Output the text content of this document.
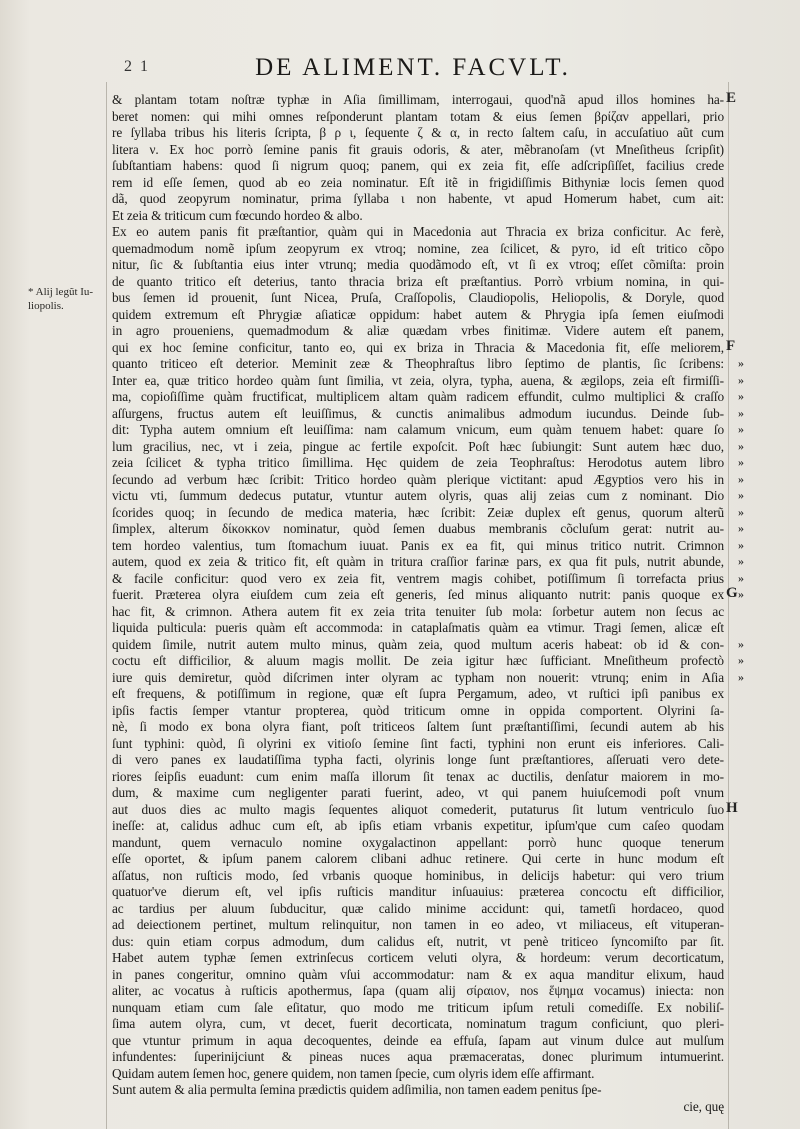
2 1	DE ALIMENT. FACVLT.
* Alij legũt Iu-
liopolis.
& plantam totam noſtræ typhæ in Aſia ſimillimam, interrogaui, quod'nã apud illos homines ha-
beret nomen: qui mihi omnes reſponderunt plantam totam & eius ſemen βρίζαν appellari, prio
re ſyllaba tribus his literis ſcripta, β ρ ι, ſequente ζ & α, in recto ſaltem caſu, in accuſatiuo aũt cum
litera ν. Ex hoc porrò ſemine panis fit grauis odoris, & ater, mẽbranoſam (vt Mneſitheus ſcripſit)
ſubſtantiam habens: quod ſi nigrum quoq; panem, qui ex zeia fit, eſſe adſcripſiſſet, facilius crede
rem id eſſe ſemen, quod ab eo zeia nominatur. Eſt itẽ in frigidiſſimis Bithyniæ locis ſemen quod
dã, quod zeopyrum nominatur, prima ſyllaba ι non habente, vt apud Homerum habet, cum ait:
Et zeia & triticum cum fœcundo hordeo & albo.
Ex eo autem panis fit præſtantior, quàm qui in Macedonia aut Thracia ex briza conficitur. Ac ferè,
quemadmodum nomẽ ipſum zeopyrum ex vtroq; nomine, zea ſcilicet, & pyro, id eſt tritico cõpo
nitur, ſic & ſubſtantia eius inter vtrunq; media quodãmodo eſt, vt ſi ex vtroq; eſſet cõmiſta: proin
de quanto tritico eſt deterius, tanto thracia briza eſt præſtantius. Porrò vrbium nomina, in qui-
bus ſemen id prouenit, ſunt Nicea, Pruſa, Craſſopolis, Claudiopolis, Heliopolis, & Doryle, quod
quidem extremum eſt Phrygiæ aſiaticæ oppidum: habet autem & Phrygia ipſa ſemen eiuſmodi
in agro proueniens, quemadmodum & aliæ quædam vrbes finitimæ. Videre autem eſt panem,
qui ex hoc ſemine conficitur, tanto eo, qui ex briza in Thracia & Macedonia fit, eſſe meliorem,
quanto triticeo eſt deterior. Meminit zeæ & Theophraſtus libro ſeptimo de plantis, ſic ſcribens:
Inter ea, quæ tritico hordeo quàm ſunt ſimilia, vt zeia, olyra, typha, auena, & ægilops, zeia eſt firmiſſi-
ma, copioſiſſime quàm fructificat, multiplicem altam quàm radicem effundit, culmo multiplici & craſſo
aſſurgens, fructus autem eſt leuiſſimus, & cunctis animalibus admodum iucundus. Deinde ſub-
dit: Typha autem omnium eſt leuiſſima: nam calamum vnicum, eum quàm tenuem habet: quare ſo
lum gracilius, nec, vt i zeia, pingue ac fertile expoſcit. Poſt hæc ſubiungit: Sunt autem hæc duo,
zeia ſcilicet & typha tritico ſimillima. Hęc quidem de zeia Teophraſtus: Herodotus autem libro
ſecundo ad verbum hæc ſcribit: Tritico hordeo quàm plerique victitant: apud Ægyptios vero his in
victu vti, ſummum dedecus putatur, vtuntur autem olyris, quas alij zeias cum z nominant. Dio
ſcorides quoq; in ſecundo de medica materia, hæc ſcribit: Zeiæ duplex eſt genus, quorum alterũ
ſimplex, alterum δίκοκκον nominatur, quòd ſemen duabus membranis cõcluſum gerat: nutrit au-
tem hordeo valentius, tum ſtomachum iuuat. Panis ex ea fit, qui minus tritico nutrit. Crimnon
autem, quod ex zeia & tritico fit, eſt quàm in tritura craſſior farinæ pars, ex qua fit puls, nutrit abunde,
& facile conficitur: quod vero ex zeia fit, ventrem magis cohibet, potiſſimum ſi torrefacta prius
fuerit. Præterea olyra eiuſdem cum zeia eſt generis, ſed minus aliquanto nutrit: panis quoque ex
hac fit, & crimnon. Athera autem fit ex zeia trita tenuiter ſub mola: ſorbetur autem non ſecus ac
liquida pulticula: pueris quàm eſt accommoda: in cataplaſmatis quàm ea vtimur. Tragi ſemen, alicæ eſt
quidem ſimile, nutrit autem multo minus, quàm zeia, quod multum aceris habeat: ob id & con-
coctu eſt difficilior, & aluum magis mollit. De zeia igitur hæc ſufficiant. Mneſitheum profectò
iure quis demiretur, quòd diſcrimen inter olyram ac typham non nouerit: vtrunq; enim in Aſia
eſt frequens, & potiſſimum in regione, quæ eſt ſupra Pergamum, adeo, vt ruſtici ipſi panibus ex
ipſis factis ſemper vtantur propterea, quòd triticum omne in oppida comportent. Olyrini ſa-
nè, ſi modo ex bona olyra fiant, poſt triticeos ſaltem ſunt præſtantiſſimi, ſecundi autem ab his
ſunt typhini: quòd, ſi olyrini ex vitioſo ſemine ſint facti, typhini non erunt eis inferiores. Cali-
di vero panes ex laudatiſſima typha facti, olyrinis longe ſunt præſtantiores, aſſeruati vero dete-
riores ſeipſis euadunt: cum enim maſſa illorum ſit tenax ac ductilis, denſatur maiorem in mo-
dum, & maxime cum negligenter parati fuerint, adeo, vt qui panem huiuſcemodi poſt vnum
aut duos dies ac multo magis ſequentes aliquot comederit, putaturus ſit lutum ventriculo ſuo
ineſſe: at, calidus adhuc cum eſt, ab ipſis etiam vrbanis expetitur, ipſum'que cum caſeo quodam
mandunt, quem vernaculo nomine oxygalactinon appellant: porrò hunc quoque tenerum
eſſe oportet, & ipſum panem calorem clibani adhuc retinere. Qui certe in hunc modum eſt
aſſatus, non ruſticis modo, ſed vrbanis quoque hominibus, in delicijs habetur: qui vero trium
quatuor've dierum eſt, vel ipſis ruſticis manditur inſuauius: præterea concoctu eſt difficilior,
ac tardius per aluum ſubducitur, quæ calido minime accidunt: qui, tametſi hordaceo, quod
ad deiectionem pertinet, multum relinquitur, non tamen in eo adeo, vt miliaceus, eſt vituperan-
dus: quin etiam corpus admodum, dum calidus eſt, nutrit, vt penè triticeo ſyncomiſto par ſit.
Habet autem typhæ ſemen extrinſecus corticem veluti olyra, & hordeum: verum decorticatum,
in panes congeritur, omnino quàm vſui accommodatur: nam & ex aqua manditur elixum, haud
aliter, ac vocatus à ruſticis apothermus, ſapa (quam alij σίραιον, nos ἕψημα vocamus) iniecta: non
nunquam etiam cum ſale eſitatur, quo modo me triticum ipſum retuli comediſſe. Ex nobiliſ-
ſima autem olyra, cum, vt decet, fuerit decorticata, nominatum tragum conficiunt, quo pleri-
que vtuntur primum in aqua decoquentes, deinde ea effuſa, ſapam aut vinum dulce aut mulſum
infundentes: ſuperinijciunt & pineas nuces aqua præmaceratas, donec plurimum intumuerint.
Quidam autem ſemen hoc, genere quidem, non tamen ſpecie, cum olyris idem eſſe affirmant.
Sunt autem & alia permulta ſemina prædictis quidem adſimilia, non tamen eadem penitus ſpe-
cie, quę
»
»
»
»
»
»
»
»
»
»
»
»
»
»
»
»
»
»
E
F
G
H
